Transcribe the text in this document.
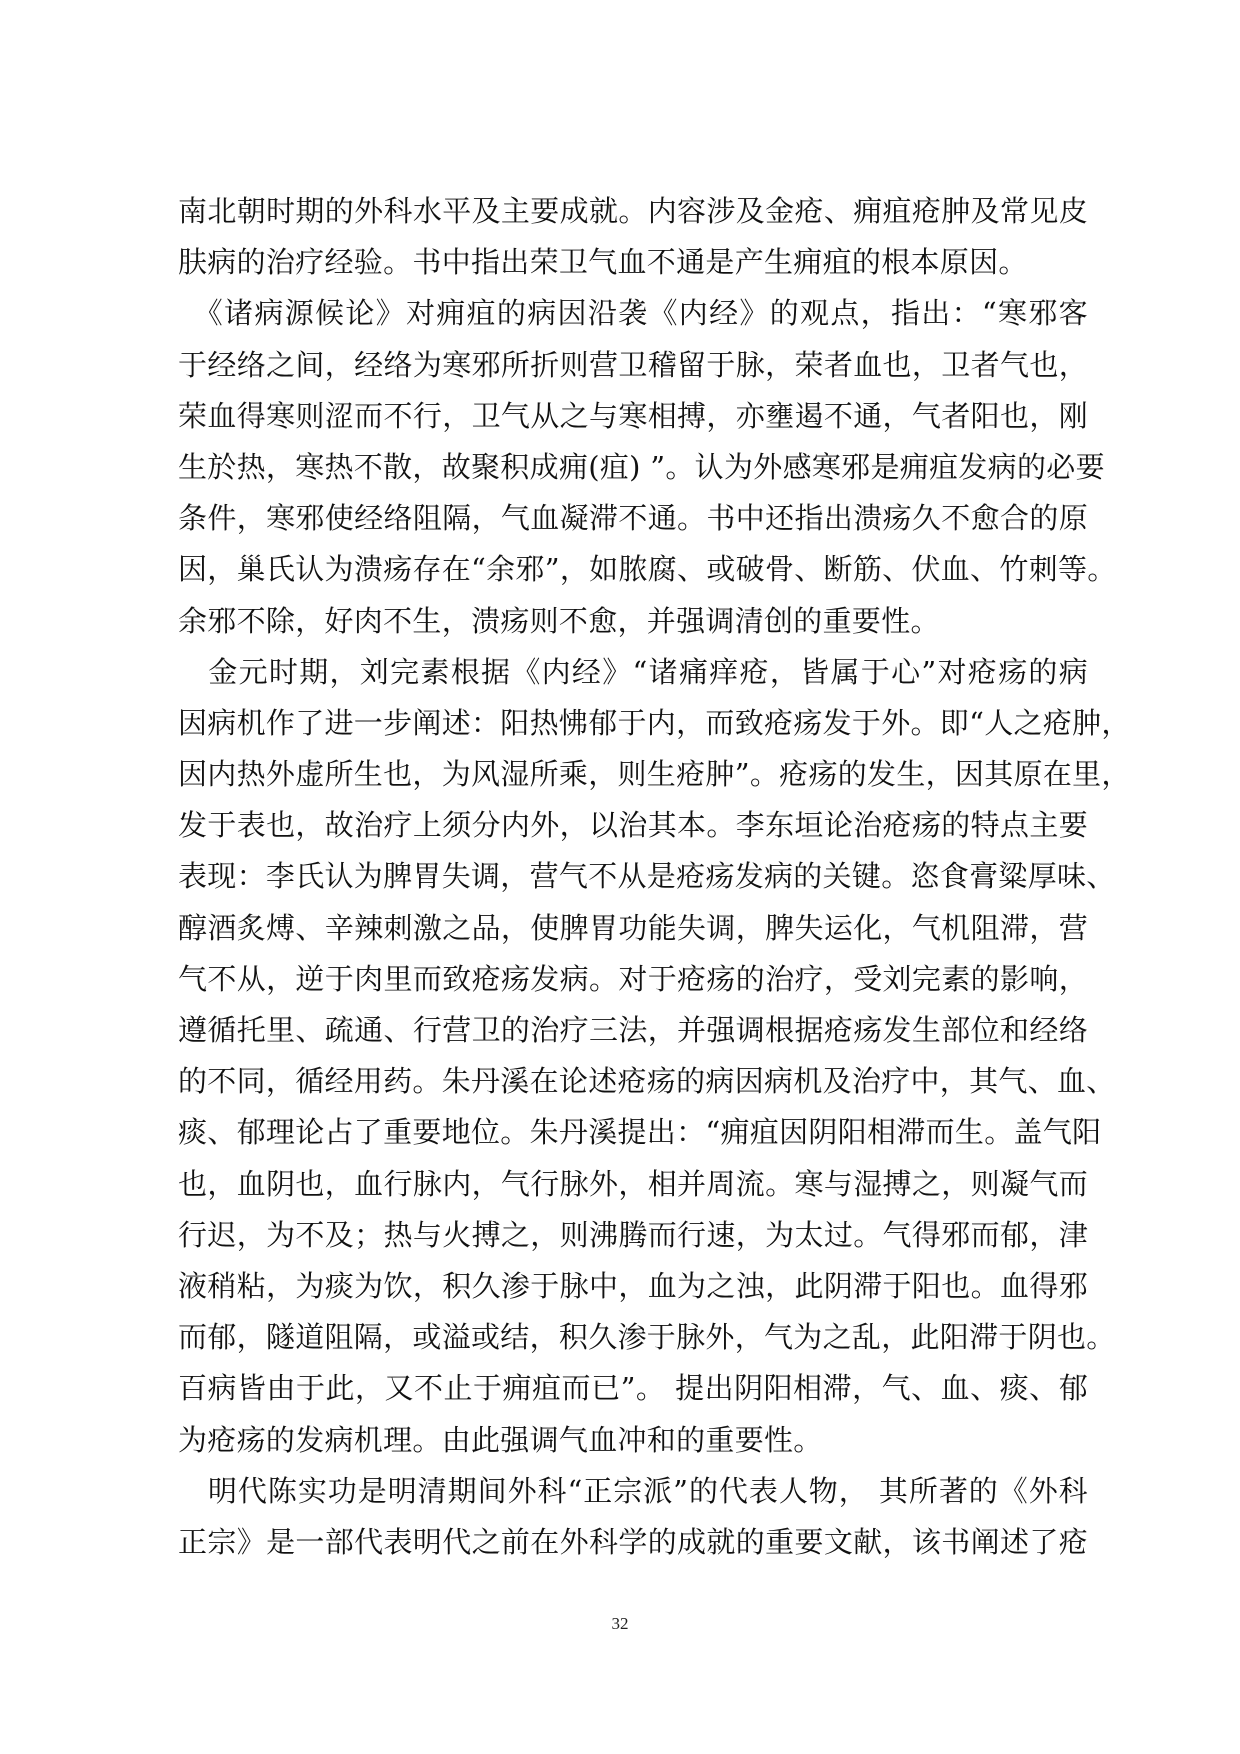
南北朝时期的外科水平及主要成就。内容涉及金疮、痈疽疮肿及常见皮
肤病的治疗经验。书中指出荣卫气血不通是产生痈疽的根本原因。
　《诸病源候论》对痈疽的病因沿袭《内经》的观点，指出：“寒邪客
于经络之间，经络为寒邪所折则营卫稽留于脉，荣者血也，卫者气也，
荣血得寒则涩而不行，卫气从之与寒相搏，亦壅遏不通，气者阳也，刚
生於热，寒热不散，故聚积成痈(疽) ”。认为外感寒邪是痈疽发病的必要
条件，寒邪使经络阻隔，气血凝滞不通。书中还指出溃疡久不愈合的原
因，巢氏认为溃疡存在“余邪”，如脓腐、或破骨、断筋、伏血、竹刺等。
余邪不除，好肉不生，溃疡则不愈，并强调清创的重要性。
　金元时期，刘完素根据《内经》“诸痛痒疮，皆属于心”对疮疡的病
因病机作了进一步阐述：阳热怫郁于内，而致疮疡发于外。即“人之疮肿，
因内热外虚所生也，为风湿所乘，则生疮肿”。疮疡的发生，因其原在里，
发于表也，故治疗上须分内外，以治其本。李东垣论治疮疡的特点主要
表现：李氏认为脾胃失调，营气不从是疮疡发病的关键。恣食膏粱厚味、
醇酒炙煿、辛辣刺激之品，使脾胃功能失调，脾失运化，气机阻滞，营
气不从，逆于肉里而致疮疡发病。对于疮疡的治疗，受刘完素的影响，
遵循托里、疏通、行营卫的治疗三法，并强调根据疮疡发生部位和经络
的不同，循经用药。朱丹溪在论述疮疡的病因病机及治疗中，其气、血、
痰、郁理论占了重要地位。朱丹溪提出：“痈疽因阴阳相滞而生。盖气阳
也，血阴也，血行脉内，气行脉外，相并周流。寒与湿搏之，则凝气而
行迟，为不及；热与火搏之，则沸腾而行速，为太过。气得邪而郁，津
液稍粘，为痰为饮，积久渗于脉中，血为之浊，此阴滞于阳也。血得邪
而郁，隧道阻隔，或溢或结，积久渗于脉外，气为之乱，此阳滞于阴也。
百病皆由于此，又不止于痈疽而已”。 提出阴阳相滞，气、血、痰、郁
为疮疡的发病机理。由此强调气血冲和的重要性。
　明代陈实功是明清期间外科“正宗派”的代表人物， 其所著的《外科
正宗》是一部代表明代之前在外科学的成就的重要文献，该书阐述了疮
32
